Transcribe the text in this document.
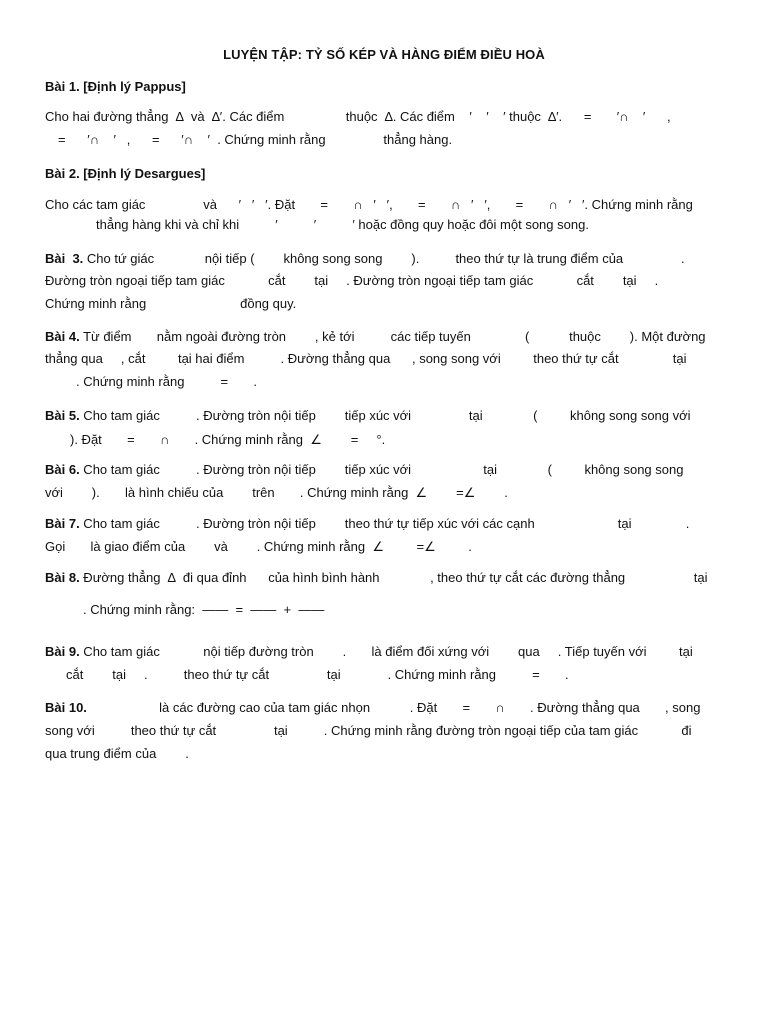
LUYỆN TẬP: TỶ SỐ KÉP VÀ HÀNG ĐIỂM ĐIỀU HOÀ
Bài 1. [Định lý Pappus]
Cho hai đường thẳng  ∆  và  ∆′. Các điểm                 thuộc  ∆. Các điểm    ′    ′    ′ thuộc  ∆′.      =       ′∩    ′      ,
=      ′∩    ′   ,      =      ′∩    ′  . Chứng minh rằng                thẳng hàng.
Bài 2. [Định lý Desargues]
Cho các tam giác                và      ′   ′   ′. Đặt       =       ∩   ′   ′,       =       ∩   ′   ′,       =       ∩   ′   ′. Chứng minh rằng
thẳng hàng khi và chỉ khi          ′          ′          ′ hoặc đồng quy hoặc đôi một song song.
Bài  3. Cho tứ giác              nội tiếp (        không song song        ).          theo thứ tự là trung điểm của                .
Đường tròn ngoại tiếp tam giác            cắt        tại     . Đường tròn ngoại tiếp tam giác            cắt        tại     .
Chứng minh rằng                          đồng quy.
Bài 4. Từ điểm       nằm ngoài đường tròn        , kẻ tới          các tiếp tuyến               (           thuộc        ). Một đường
thẳng qua     , cắt         tại hai điểm          . Đường thẳng qua      , song song với         theo thứ tự cắt               tại
. Chứng minh rằng          =       .
Bài 5. Cho tam giác          . Đường tròn nội tiếp        tiếp xúc với                tại              (         không song song với
). Đặt       =       ∩       . Chứng minh rằng  ∠        =     °.
Bài 6. Cho tam giác          . Đường tròn nội tiếp        tiếp xúc với                    tại              (         không song song
với        ).       là hình chiếu của        trên       . Chứng minh rằng  ∠        =∠        .
Bài 7. Cho tam giác          . Đường tròn nội tiếp        theo thứ tự tiếp xúc với các cạnh                       tại               .
Gọi       là giao điểm của        và        . Chứng minh rằng  ∠         =∠         .
Bài 8. Đường thẳng  ∆  đi qua đỉnh      của hình bình hành              , theo thứ tự cắt các đường thẳng                   tại
. Chứng minh rằng:  ——  =  ——  +  ——
Bài 9. Cho tam giác            nội tiếp đường tròn        .       là điểm đối xứng với        qua     . Tiếp tuyến với         tại
cắt        tại     .          theo thứ tự cắt                tại             . Chứng minh rằng          =       .
Bài 10.                    là các đường cao của tam giác nhọn           . Đặt       =       ∩       . Đường thẳng qua       , song
song với          theo thứ tự cắt                tại          . Chứng minh rằng đường tròn ngoại tiếp của tam giác            đi
qua trung điểm của        .
